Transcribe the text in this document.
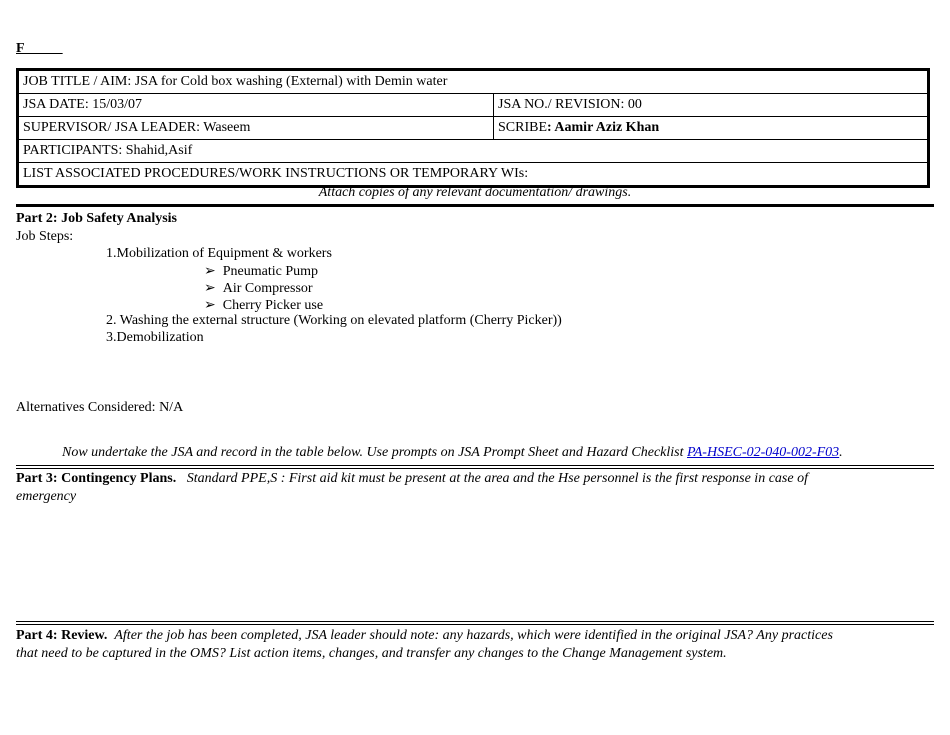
F _____
JOB TITLE / AIM: JSA for Cold box washing (External) with Demin water	
JSA DATE: 15/03/07	JSA NO./ REVISION: 00
SUPERVISOR/ JSA LEADER: Waseem	SCRIBE: Aamir Aziz Khan
PARTICIPANTS: Shahid,Asif	
LIST ASSOCIATED PROCEDURES/WORK INSTRUCTIONS OR TEMPORARY WIs:	
Attach copies of any relevant documentation/ drawings.
Part 2: Job Safety Analysis
Job Steps:
1.Mobilization of Equipment & workers
➢ Pneumatic Pump
➢ Air Compressor
➢ Cherry Picker use
2. Washing the external structure (Working on elevated platform (Cherry Picker))
3.Demobilization
Alternatives Considered: N/A
Now undertake the JSA and record in the table below. Use prompts on JSA Prompt Sheet and Hazard Checklist PA-HSEC-02-040-002-F03.
Part 3: Contingency Plans. Standard PPE,S : First aid kit must be present at the area and the Hse personnel is the first response in case of
emergency
Part 4: Review. After the job has been completed, JSA leader should note: any hazards, which were identified in the original JSA? Any practices
that need to be captured in the OMS? List action items, changes, and transfer any changes to the Change Management system.
